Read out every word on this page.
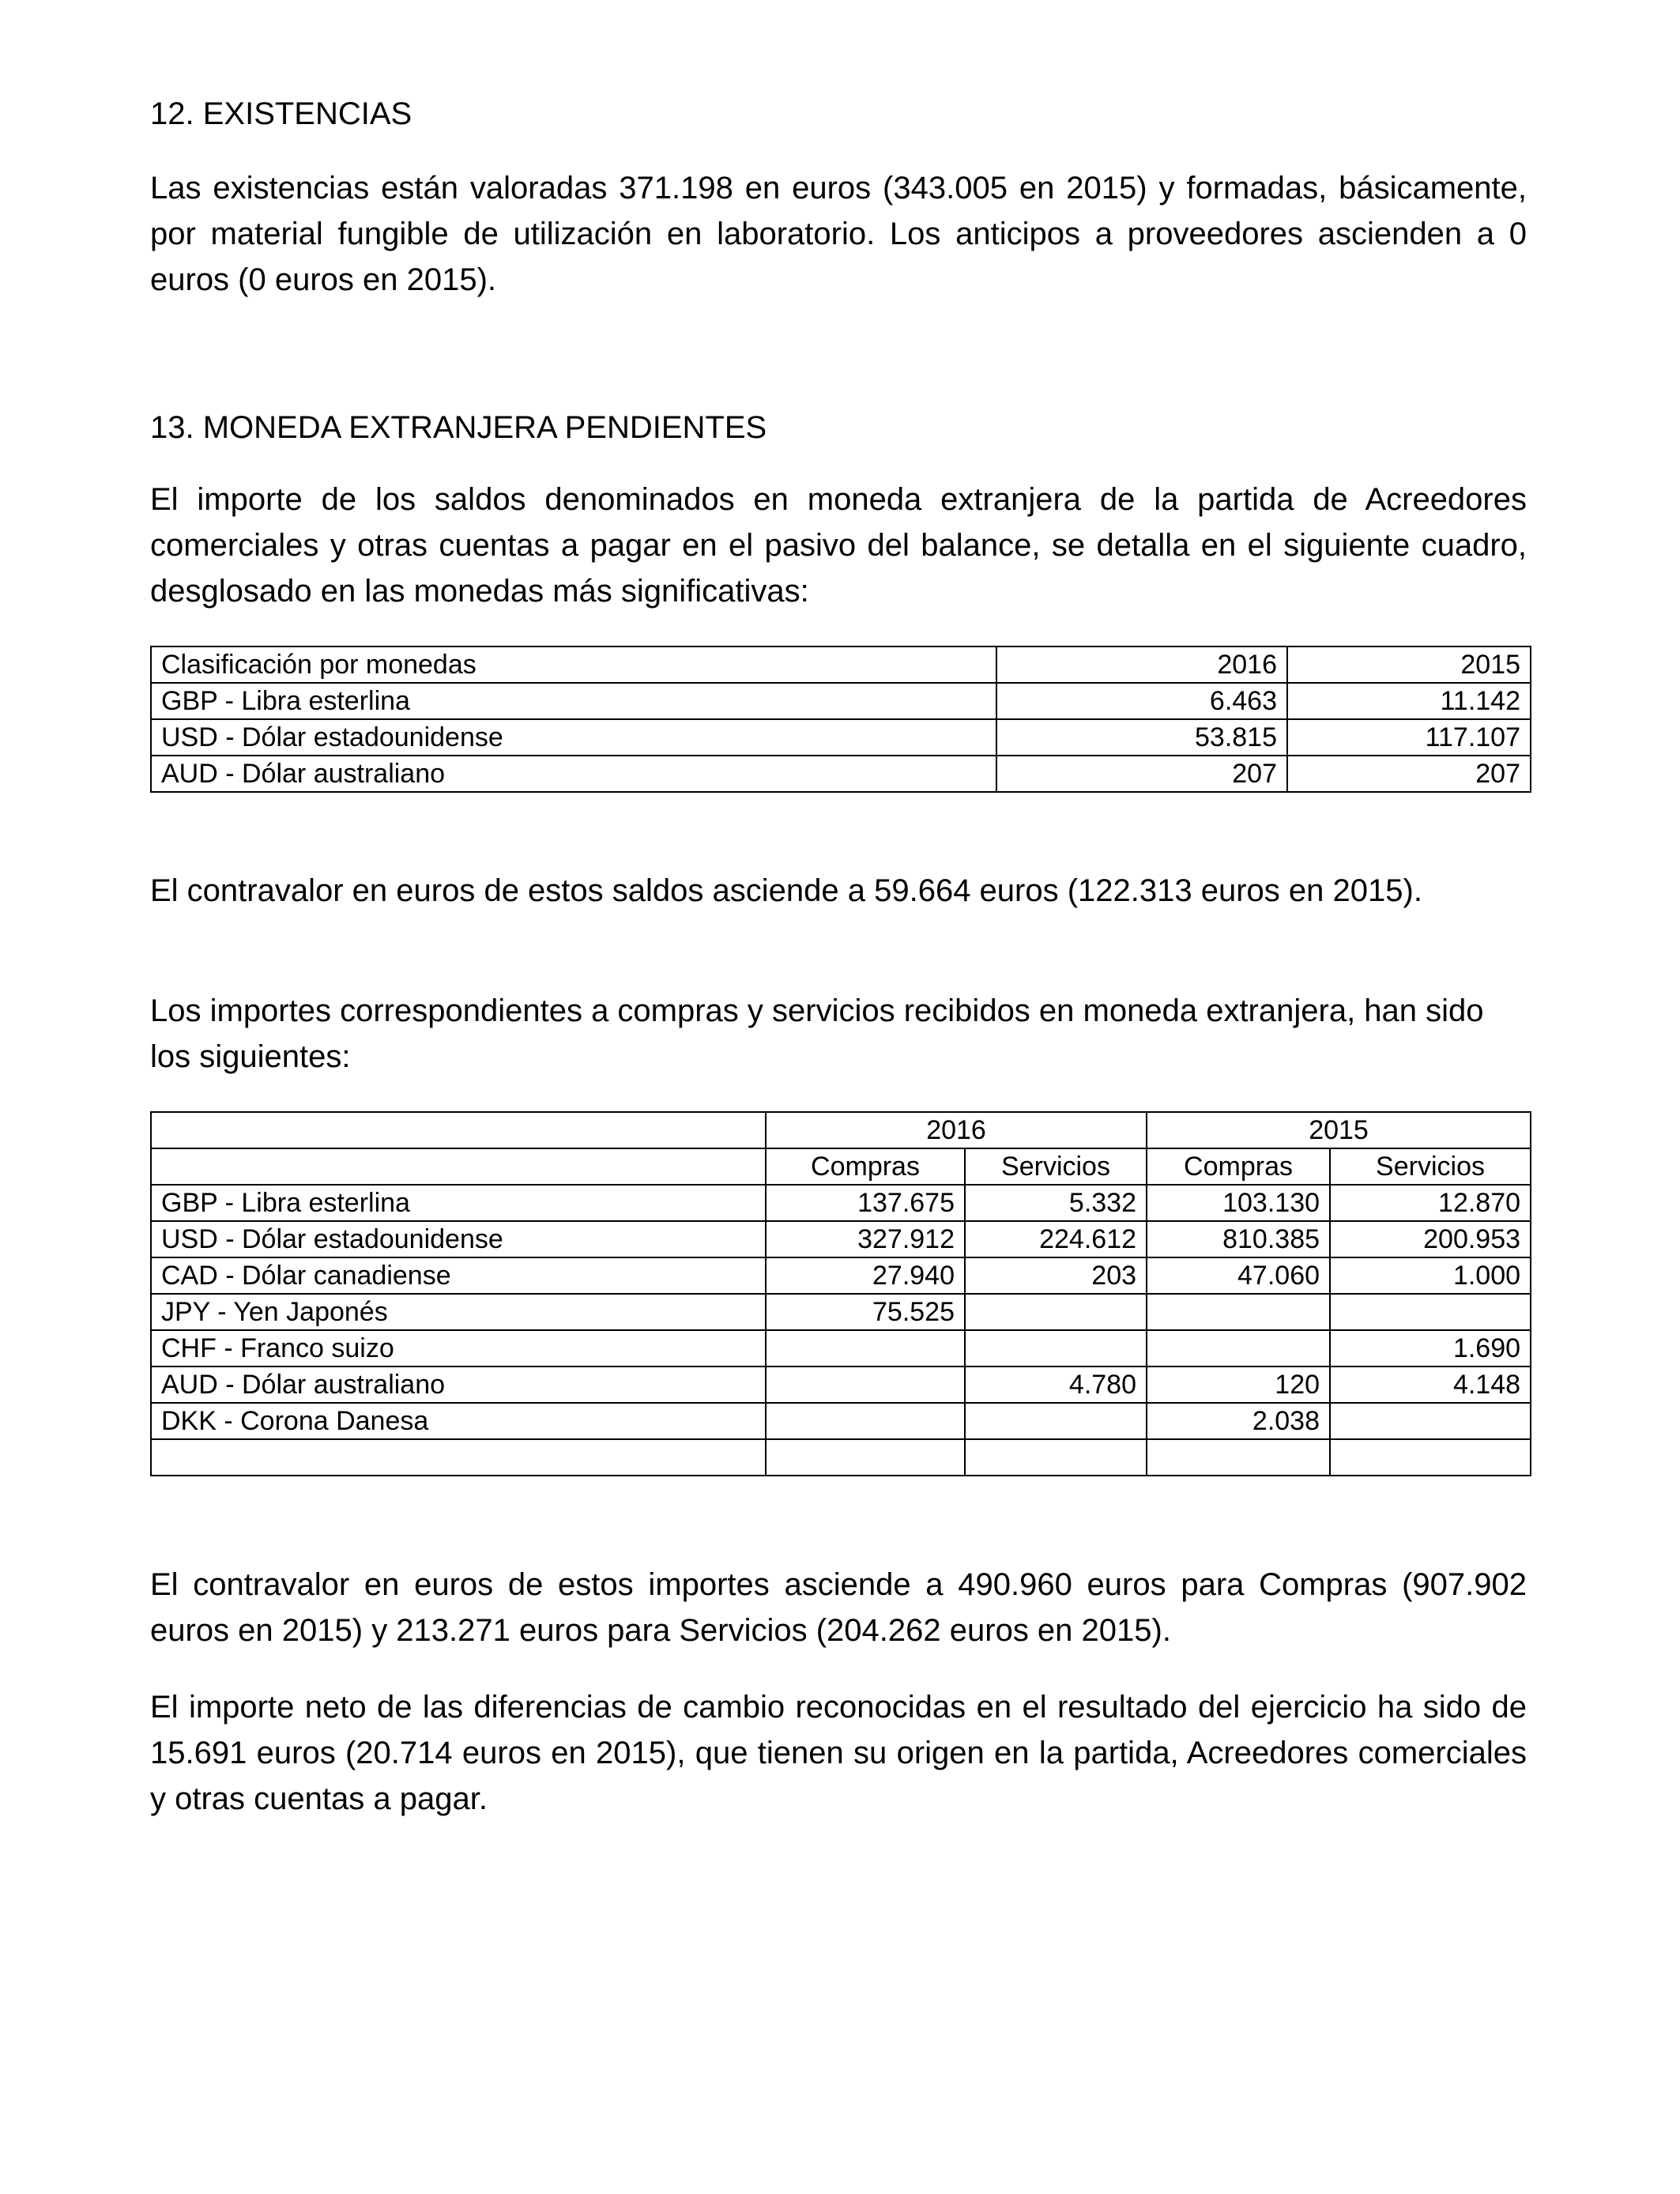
12. EXISTENCIAS
Las existencias están valoradas 371.198 en euros (343.005 en 2015) y formadas, básicamente, por material fungible de utilización en laboratorio. Los anticipos a proveedores ascienden a 0 euros (0 euros en 2015).
13. MONEDA EXTRANJERA PENDIENTES
El importe de los saldos denominados en moneda extranjera de la partida de Acreedores comerciales y otras cuentas a pagar en el pasivo del balance, se detalla en el siguiente cuadro, desglosado en las monedas más significativas:
Clasificación por monedas	2016	2015
GBP - Libra esterlina	6.463	11.142
USD - Dólar estadounidense	53.815	117.107
AUD - Dólar australiano	207	207
El contravalor en euros de estos saldos asciende a 59.664 euros (122.313 euros en 2015).
Los importes correspondientes a compras y servicios recibidos en moneda extranjera, han sido los siguientes:
	2016		2015	
	Compras	Servicios	Compras	Servicios
GBP - Libra esterlina	137.675	5.332	103.130	12.870
USD - Dólar estadounidense	327.912	224.612	810.385	200.953
CAD - Dólar canadiense	27.940	203	47.060	1.000
JPY - Yen Japonés	75.525			
CHF - Franco suizo				1.690
AUD - Dólar australiano		4.780	120	4.148
DKK - Corona Danesa			2.038	

El contravalor en euros de estos importes asciende a 490.960 euros para Compras (907.902 euros en 2015) y 213.271 euros para Servicios (204.262 euros en 2015).
El importe neto de las diferencias de cambio reconocidas en el resultado del ejercicio ha sido de 15.691 euros (20.714 euros en 2015), que tienen su origen en la partida, Acreedores comerciales y otras cuentas a pagar.
